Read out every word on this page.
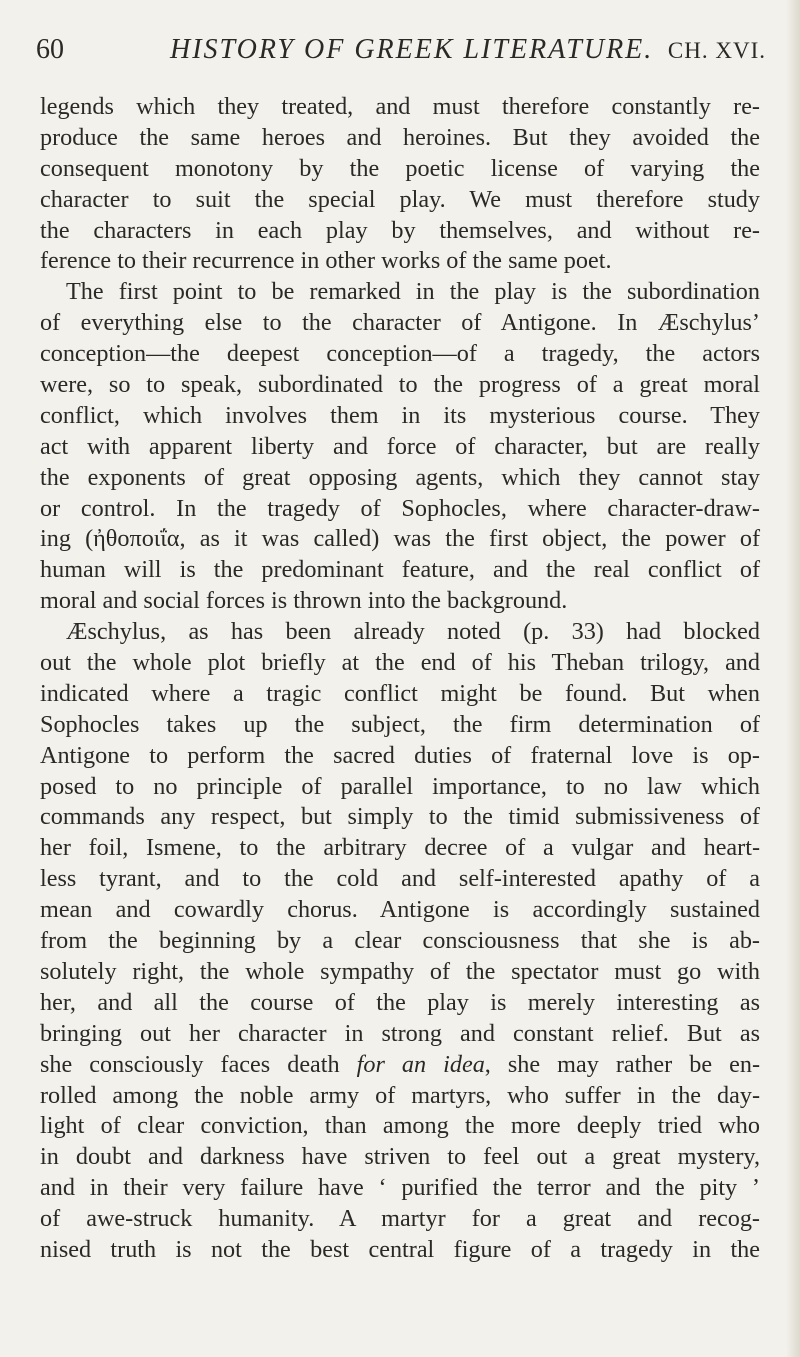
60	HISTORY OF GREEK LITERATURE. CH. XVI.
legends which they treated, and must therefore constantly re-
produce the same heroes and heroines. But they avoided the
consequent monotony by the poetic license of varying the
character to suit the special play. We must therefore study
the characters in each play by themselves, and without re-
ference to their recurrence in other works of the same poet.
The first point to be remarked in the play is the subordination
of everything else to the character of Antigone. In Æschylus’
conception—the deepest conception—of a tragedy, the actors
were, so to speak, subordinated to the progress of a great moral
conflict, which involves them in its mysterious course. They
act with apparent liberty and force of character, but are really
the exponents of great opposing agents, which they cannot stay
or control. In the tragedy of Sophocles, where character-draw-
ing (ἠθοποιΐα, as it was called) was the first object, the power of
human will is the predominant feature, and the real conflict of
moral and social forces is thrown into the background.
Æschylus, as has been already noted (p. 33) had blocked
out the whole plot briefly at the end of his Theban trilogy, and
indicated where a tragic conflict might be found. But when
Sophocles takes up the subject, the firm determination of
Antigone to perform the sacred duties of fraternal love is op-
posed to no principle of parallel importance, to no law which
commands any respect, but simply to the timid submissiveness of
her foil, Ismene, to the arbitrary decree of a vulgar and heart-
less tyrant, and to the cold and self-interested apathy of a
mean and cowardly chorus. Antigone is accordingly sustained
from the beginning by a clear consciousness that she is ab-
solutely right, the whole sympathy of the spectator must go with
her, and all the course of the play is merely interesting as
bringing out her character in strong and constant relief. But as
she consciously faces death for an idea, she may rather be en-
rolled among the noble army of martyrs, who suffer in the day-
light of clear conviction, than among the more deeply tried who
in doubt and darkness have striven to feel out a great mystery,
and in their very failure have ‘ purified the terror and the pity ’
of awe-struck humanity. A martyr for a great and recog-
nised truth is not the best central figure of a tragedy in the
